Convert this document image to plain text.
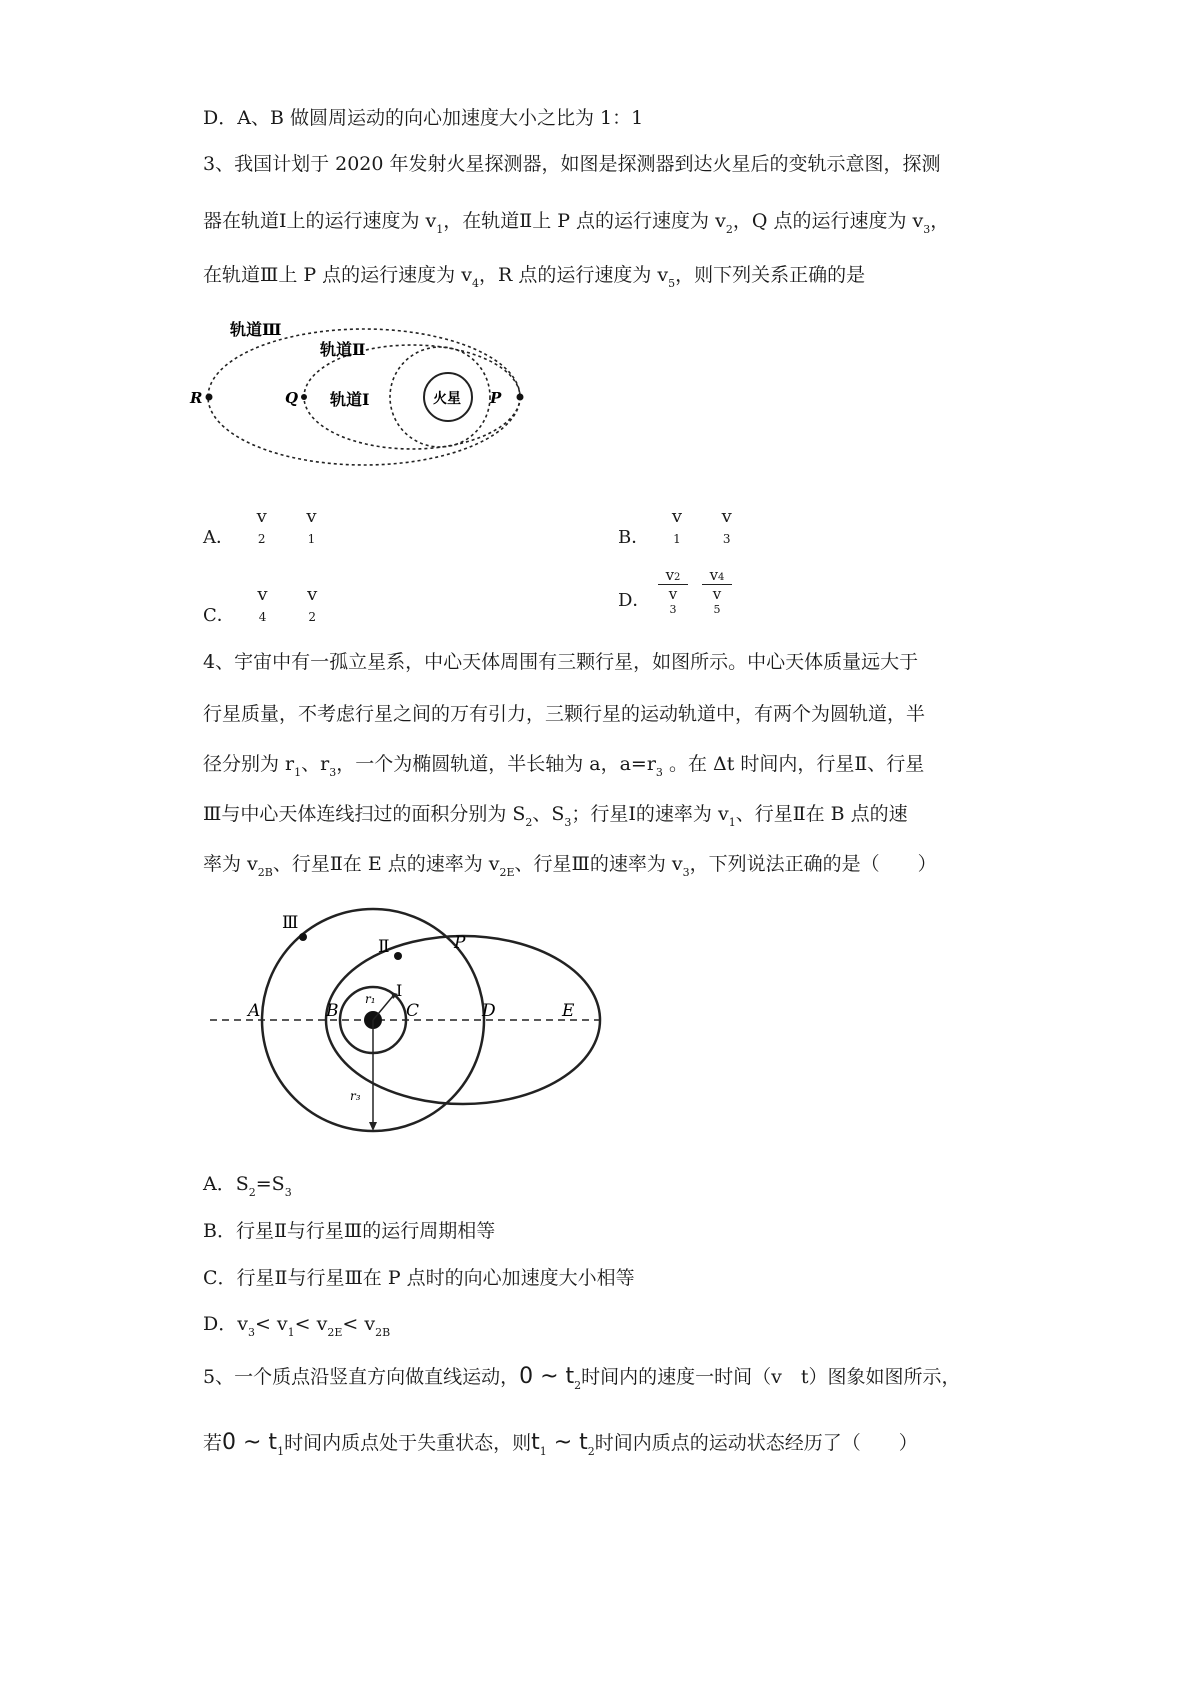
D．A、B 做圆周运动的向心加速度大小之比为 1：1
3、我国计划于 2020 年发射火星探测器，如图是探测器到达火星后的变轨示意图，探测
器在轨道Ⅰ上的运行速度为 $v_1$，在轨道Ⅱ上 P 点的运行速度为 $v_2$，Q 点的运行速度为 $v_3$，
在轨道Ⅲ上 P 点的运行速度为 $v_4$，R 点的运行速度为 $v_5$，则下列关系正确的是
轨道Ⅲ
轨道Ⅱ
轨道Ⅰ	火星
R	Q	P
A． v
2 v
1	B． v
1 v
3
C． v
4 v
2
D．
v2
v
3
v4
v
5
4、宇宙中有一孤立星系，中心天体周围有三颗行星，如图所示。中心天体质量远大于
行星质量，不考虑行星之间的万有引力，三颗行星的运动轨道中，有两个为圆轨道，半
径分别为 $r_1$、$r_3$，一个为椭圆轨道，半长轴为 a，$a=r_3$ 。在 Δt 时间内，行星Ⅱ、行星
Ⅲ与中心天体连线扫过的面积分别为 $S_2$、$S_3$；行星Ⅰ的速率为 $v_1$、行星Ⅱ在 B 点的速
率为 $v_{2B}$、行星Ⅱ在 E 点的速率为 $v_{2E}$、行星Ⅲ的速率为 $v_3$，下列说法正确的是（　　）
Ⅲ
Ⅱ
Ⅰ
P
A	B	C	D	E
r₁
r₃
A．$S_2=S_3$
B．行星Ⅱ与行星Ⅲ的运行周期相等
C．行星Ⅱ与行星Ⅲ在 P 点时的向心加速度大小相等
D．$v_3< v_1< v_{2E}< v_{2B}$
5、一个质点沿竖直方向做直线运动，0 ~ $t_2$时间内的速度一时间（v　t）图象如图所示，
若0 ~ $t_1$时间内质点处于失重状态，则$t_1$ ~ $t_2$时间内质点的运动状态经历了（　　）
